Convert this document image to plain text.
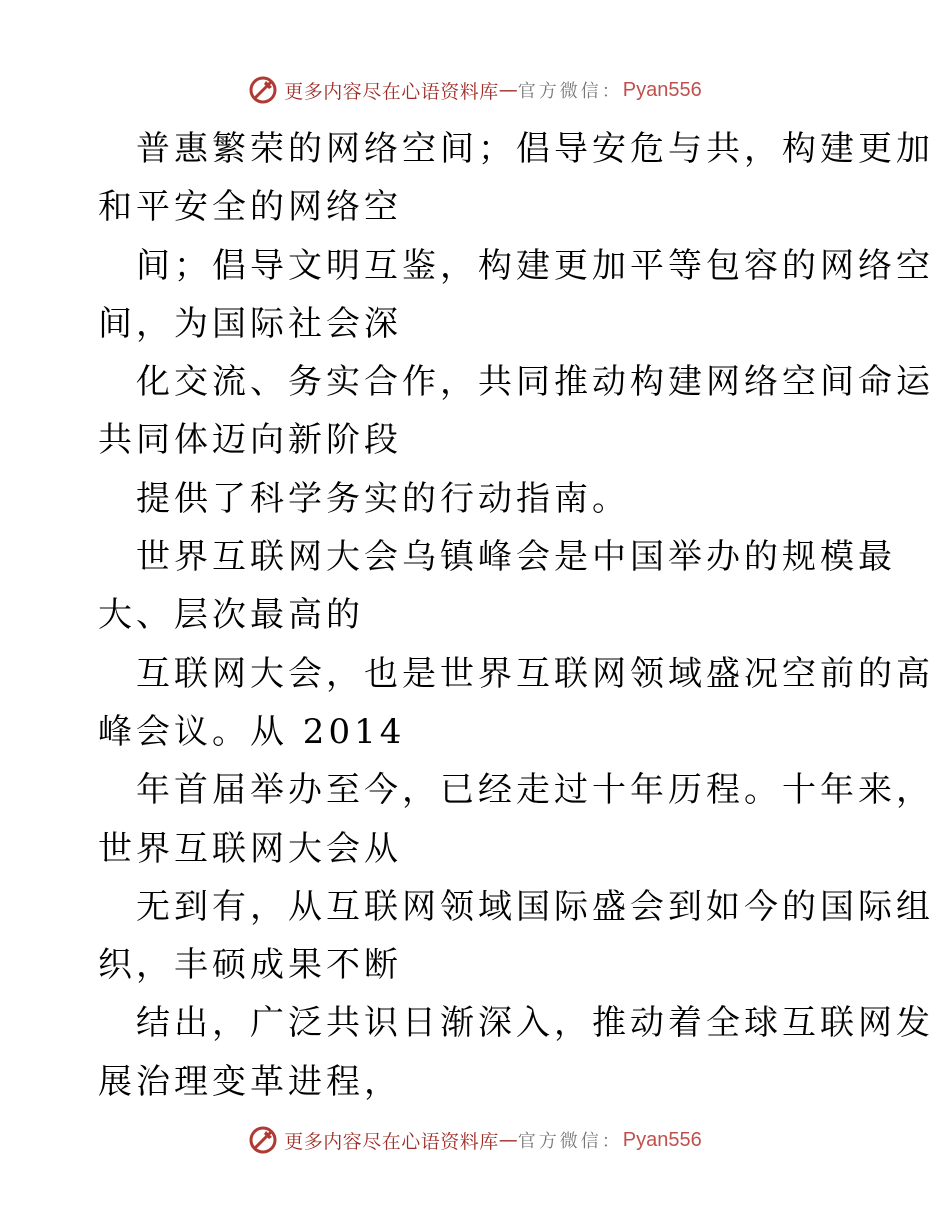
更多内容尽在心语资料库 — 官方微信： Pyan556
普惠繁荣的网络空间；倡导安危与共，构建更加
和平安全的网络空
间；倡导文明互鉴，构建更加平等包容的网络空
间，为国际社会深
化交流、务实合作，共同推动构建网络空间命运
共同体迈向新阶段
提供了科学务实的行动指南。
世界互联网大会乌镇峰会是中国举办的规模最
大、层次最高的
互联网大会，也是世界互联网领域盛况空前的高
峰会议。从 2014
年首届举办至今，已经走过十年历程。十年来，
世界互联网大会从
无到有，从互联网领域国际盛会到如今的国际组
织，丰硕成果不断
结出，广泛共识日渐深入，推动着全球互联网发
展治理变革进程，
更多内容尽在心语资料库 — 官方微信： Pyan556
